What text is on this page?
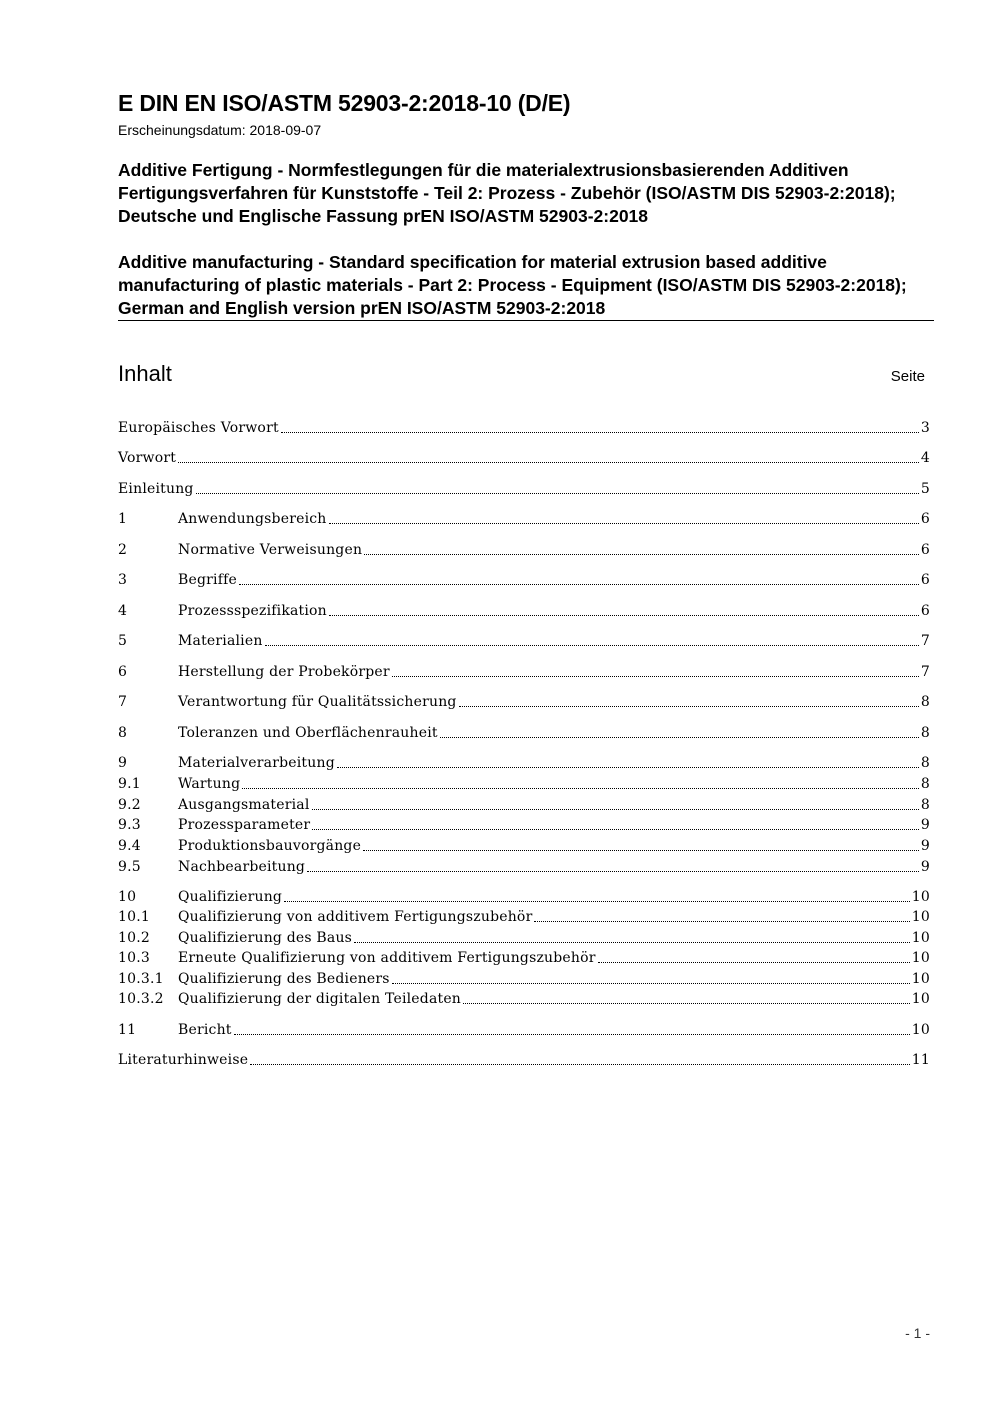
E DIN EN ISO/ASTM 52903-2:2018-10 (D/E)
Erscheinungsdatum: 2018-09-07
Additive Fertigung - Normfestlegungen für die materialextrusionsbasierenden Additiven Fertigungsverfahren für Kunststoffe - Teil 2: Prozess - Zubehör (ISO/ASTM DIS 52903-2:2018); Deutsche und Englische Fassung prEN ISO/ASTM 52903-2:2018
Additive manufacturing - Standard specification for material extrusion based additive manufacturing of plastic materials - Part 2: Process - Equipment (ISO/ASTM DIS 52903-2:2018); German and English version prEN ISO/ASTM 52903-2:2018
Inhalt	Seite
Europäisches Vorwort	3
Vorwort	4
Einleitung	5
1	Anwendungsbereich	6
2	Normative Verweisungen	6
3	Begriffe	6
4	Prozessspezifikation	6
5	Materialien	7
6	Herstellung der Probekörper	7
7	Verantwortung für Qualitätssicherung	8
8	Toleranzen und Oberflächenrauheit	8
9	Materialverarbeitung	8
9.1	Wartung	8
9.2	Ausgangsmaterial	8
9.3	Prozessparameter	9
9.4	Produktionsbauvorgänge	9
9.5	Nachbearbeitung	9
10	Qualifizierung	10
10.1	Qualifizierung von additivem Fertigungszubehör	10
10.2	Qualifizierung des Baus	10
10.3	Erneute Qualifizierung von additivem Fertigungszubehör	10
10.3.1	Qualifizierung des Bedieners	10
10.3.2	Qualifizierung der digitalen Teiledaten	10
11	Bericht	10
Literaturhinweise	11
- 1 -
